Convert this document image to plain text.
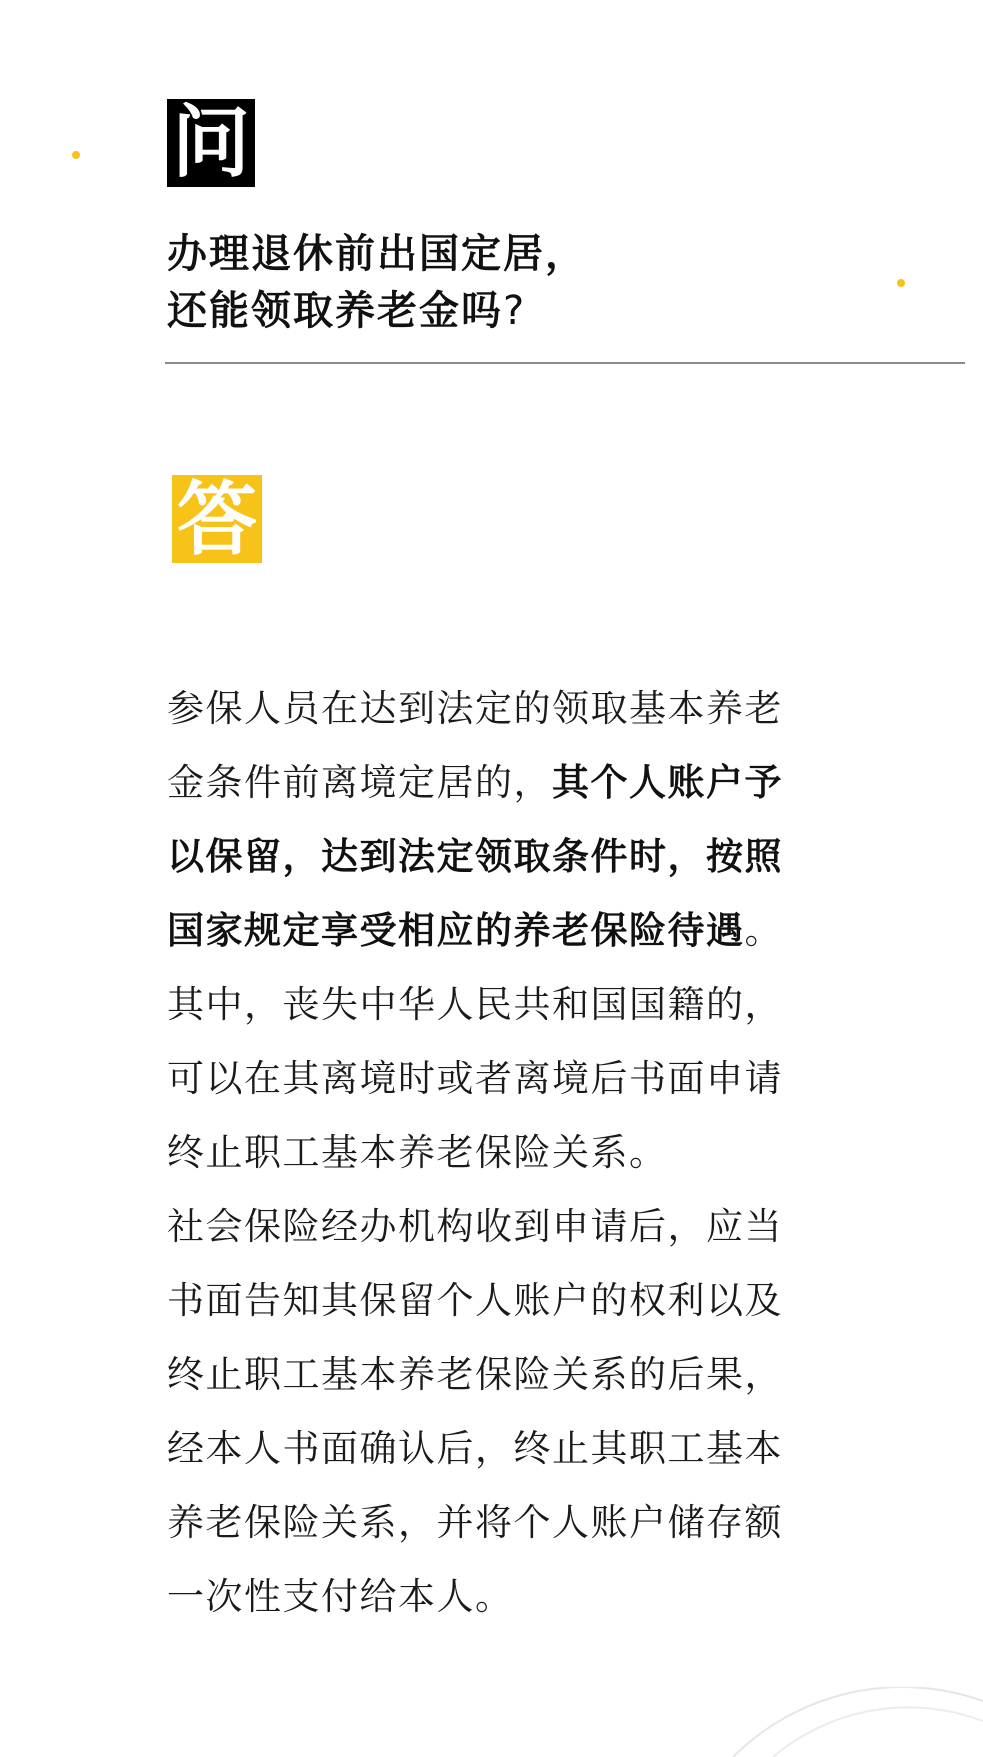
问
办理退休前出国定居，
还能领取养老金吗?
答

参保人员在达到法定的领取基本养老金条件前离境定居的，其个人账户予以保留，达到法定领取条件时，按照国家规定享受相应的养老保险待遇。

其中，丧失中华人民共和国国籍的，可以在其离境时或者离境后书面申请终止职工基本养老保险关系。

社会保险经办机构收到申请后，应当书面告知其保留个人账户的权利以及终止职工基本养老保险关系的后果，经本人书面确认后，终止其职工基本养老保险关系，并将个人账户储存额一次性支付给本人。
